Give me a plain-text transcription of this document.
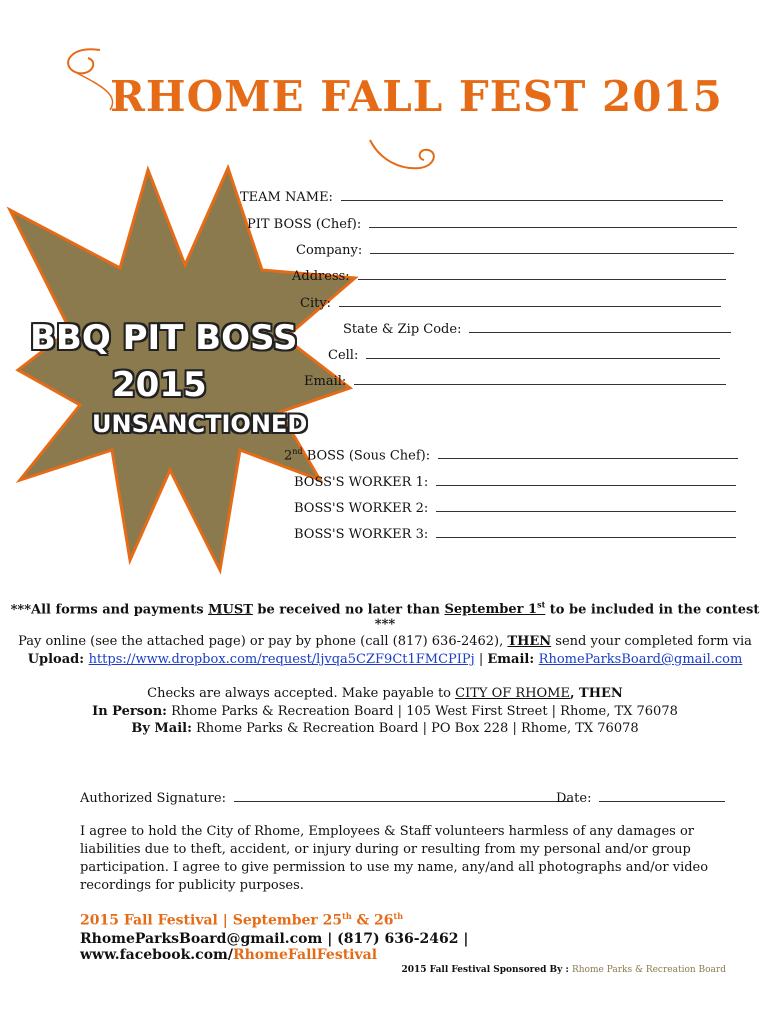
RHOME FALL FEST 2015
BBQ PIT BOSS
2015
UNSANCTIONED
TEAM NAME:
PIT BOSS (Chef):
Company:
Address:
City:
State & Zip Code:
Cell:
Email:
2nd BOSS (Sous Chef):
BOSS'S WORKER 1:
BOSS'S WORKER 2:
BOSS'S WORKER 3:
***All forms and payments MUST be received no later than September 1st to be included in the contest ***
Pay online (see the attached page) or pay by phone (call (817) 636-2462), THEN send your completed form via
Upload: https://www.dropbox.com/request/ljvqa5CZF9Ct1FMCPIPj | Email: RhomeParksBoard@gmail.com
Checks are always accepted. Make payable to CITY OF RHOME, THEN
In Person: Rhome Parks & Recreation Board | 105 West First Street | Rhome, TX 76078
By Mail: Rhome Parks & Recreation Board | PO Box 228 | Rhome, TX 76078
Authorized Signature:	Date:
I agree to hold the City of Rhome, Employees & Staff volunteers harmless of any damages or liabilities due to theft, accident, or injury during or resulting from my personal and/or group participation. I agree to give permission to use my name, any/and all photographs and/or video recordings for publicity purposes.
2015 Fall Festival | September 25th & 26th
RhomeParksBoard@gmail.com | (817) 636-2462 | www.facebook.com/RhomeFallFestival
2015 Fall Festival Sponsored By : Rhome Parks & Recreation Board
